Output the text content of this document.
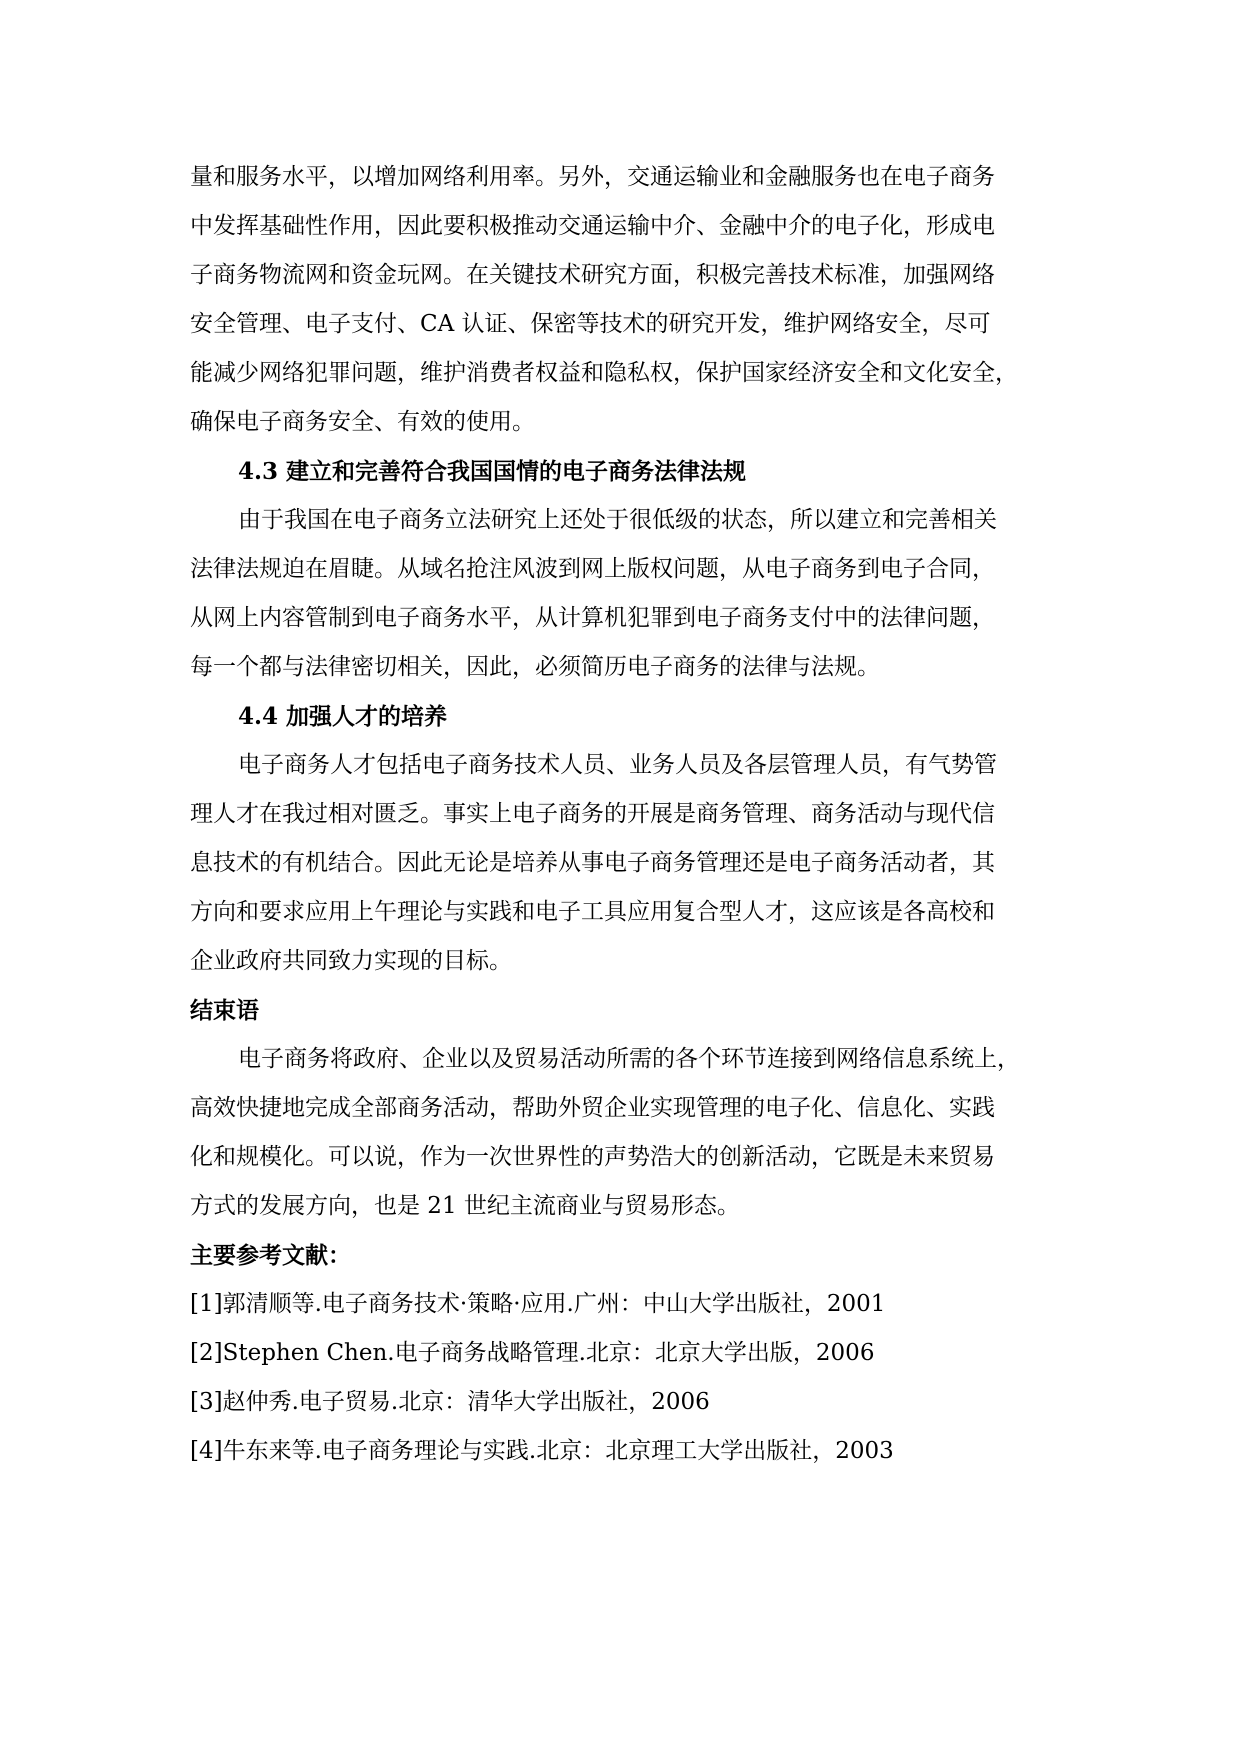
量和服务水平，以增加网络利用率。另外，交通运输业和金融服务也在电子商务
中发挥基础性作用，因此要积极推动交通运输中介、金融中介的电子化，形成电
子商务物流网和资金玩网。在关键技术研究方面，积极完善技术标准，加强网络
安全管理、电子支付、CA 认证、保密等技术的研究开发，维护网络安全，尽可
能减少网络犯罪问题，维护消费者权益和隐私权，保护国家经济安全和文化安全，
确保电子商务安全、有效的使用。
4.3 建立和完善符合我国国情的电子商务法律法规
由于我国在电子商务立法研究上还处于很低级的状态，所以建立和完善相关
法律法规迫在眉睫。从域名抢注风波到网上版权问题，从电子商务到电子合同，
从网上内容管制到电子商务水平，从计算机犯罪到电子商务支付中的法律问题，
每一个都与法律密切相关，因此，必须简历电子商务的法律与法规。
4.4 加强人才的培养
电子商务人才包括电子商务技术人员、业务人员及各层管理人员，有气势管
理人才在我过相对匮乏。事实上电子商务的开展是商务管理、商务活动与现代信
息技术的有机结合。因此无论是培养从事电子商务管理还是电子商务活动者，其
方向和要求应用上午理论与实践和电子工具应用复合型人才，这应该是各高校和
企业政府共同致力实现的目标。
结束语
电子商务将政府、企业以及贸易活动所需的各个环节连接到网络信息系统上，
高效快捷地完成全部商务活动，帮助外贸企业实现管理的电子化、信息化、实践
化和规模化。可以说，作为一次世界性的声势浩大的创新活动，它既是未来贸易
方式的发展方向，也是 21 世纪主流商业与贸易形态。
主要参考文献：
[1]郭清顺等.电子商务技术·策略·应用.广州：中山大学出版社，2001
[2]Stephen Chen.电子商务战略管理.北京：北京大学出版，2006
[3]赵仲秀.电子贸易.北京：清华大学出版社，2006
[4]牛东来等.电子商务理论与实践.北京：北京理工大学出版社，2003
